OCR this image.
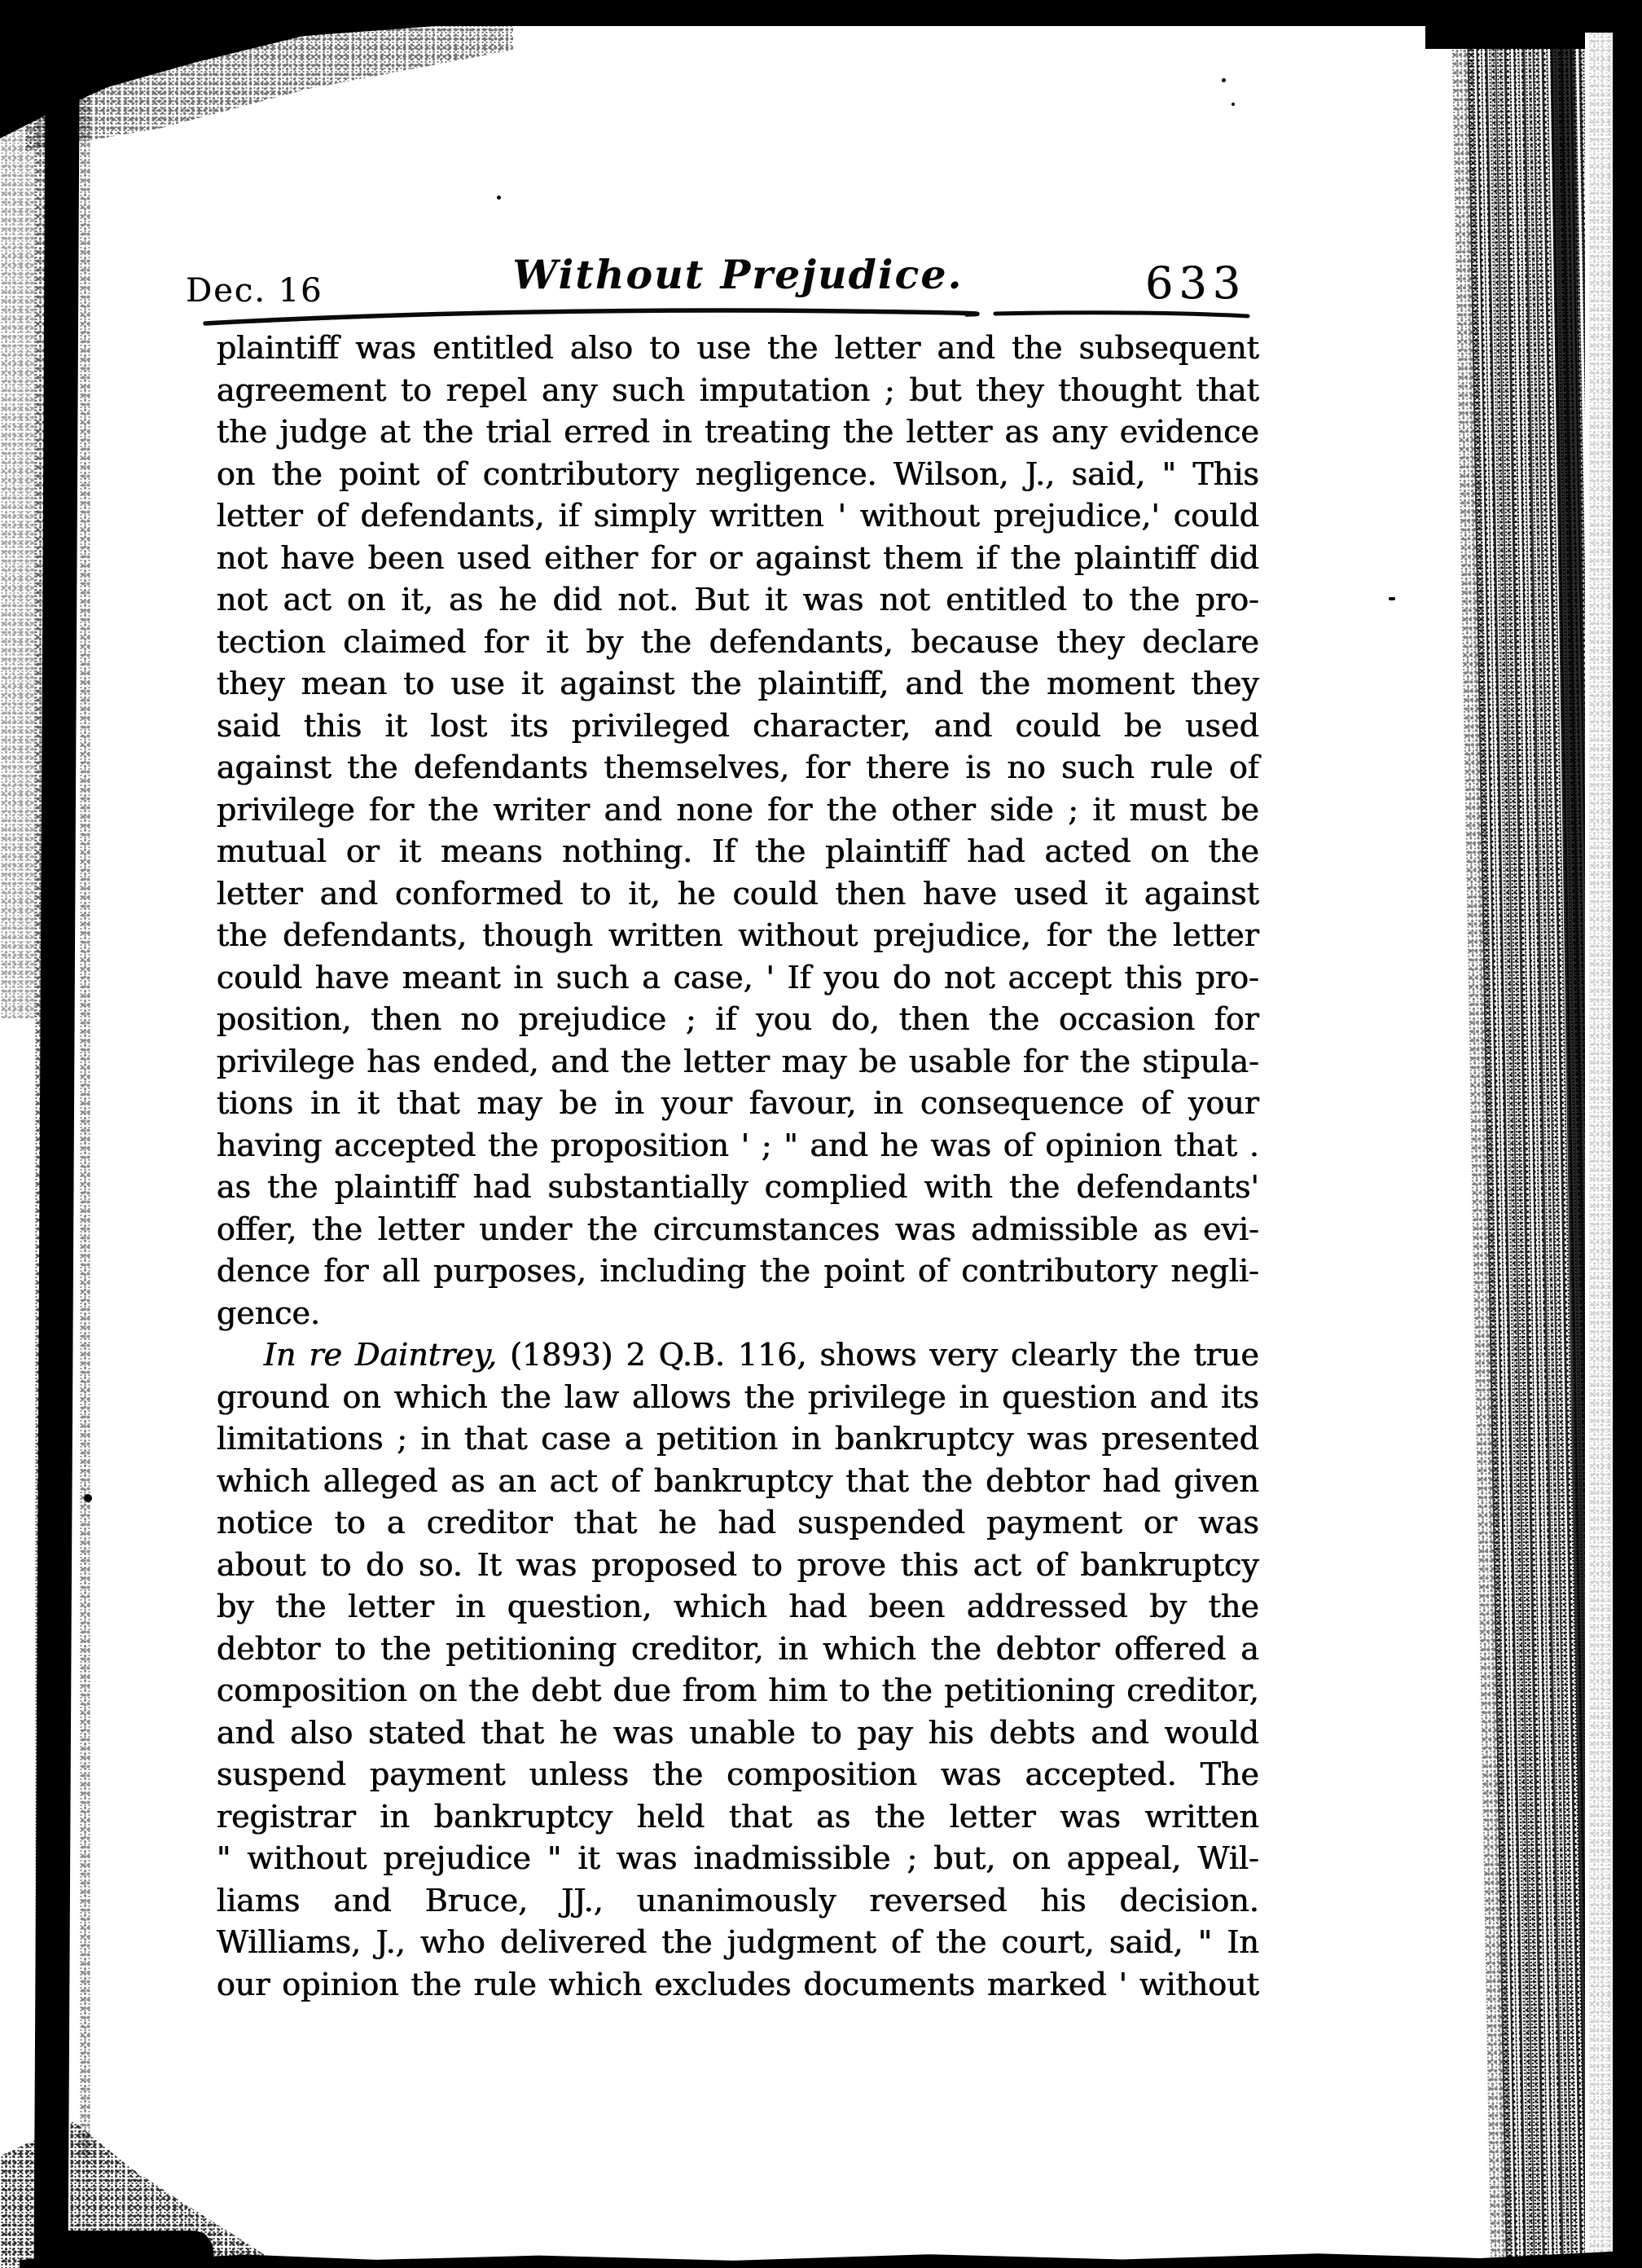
Dec. 16	Without Prejudice.	633
plaintiff was entitled also to use the letter and the subsequent
agreement to repel any such imputation ; but they thought that
the judge at the trial erred in treating the letter as any evidence
on the point of contributory negligence. Wilson, J., said, " This
letter of defendants, if simply written ' without prejudice,' could
not have been used either for or against them if the plaintiff did
not act on it, as he did not. But it was not entitled to the pro-
tection claimed for it by the defendants, because they declare
they mean to use it against the plaintiff, and the moment they
said this it lost its privileged character, and could be used
against the defendants themselves, for there is no such rule of
privilege for the writer and none for the other side ; it must be
mutual or it means nothing. If the plaintiff had acted on the
letter and conformed to it, he could then have used it against
the defendants, though written without prejudice, for the letter
could have meant in such a case, ' If you do not accept this pro-
position, then no prejudice ; if you do, then the occasion for
privilege has ended, and the letter may be usable for the stipula-
tions in it that may be in your favour, in consequence of your
having accepted the proposition ' ; " and he was of opinion that .
as the plaintiff had substantially complied with the defendants'
offer, the letter under the circumstances was admissible as evi-
dence for all purposes, including the point of contributory negli-
gence.
In re Daintrey, (1893) 2 Q.B. 116, shows very clearly the true
ground on which the law allows the privilege in question and its
limitations ; in that case a petition in bankruptcy was presented
which alleged as an act of bankruptcy that the debtor had given
notice to a creditor that he had suspended payment or was
about to do so. It was proposed to prove this act of bankruptcy
by the letter in question, which had been addressed by the
debtor to the petitioning creditor, in which the debtor offered a
composition on the debt due from him to the petitioning creditor,
and also stated that he was unable to pay his debts and would
suspend payment unless the composition was accepted. The
registrar in bankruptcy held that as the letter was written
" without prejudice " it was inadmissible ; but, on appeal, Wil-
liams and Bruce, JJ., unanimously reversed his decision.
Williams, J., who delivered the judgment of the court, said, " In
our opinion the rule which excludes documents marked ' without
